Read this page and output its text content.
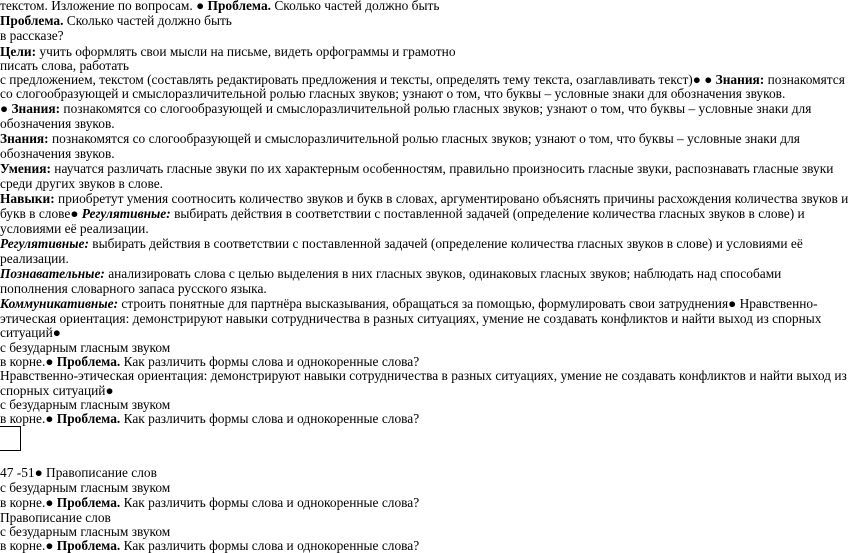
текстом. Изложение по вопросам. ● Проблема. Сколько частей должно быть

Проблема. Сколько частей должно быть

в рассказе?

Цели: учить оформлять свои мысли на письме, видеть орфограммы и грамотно

писать слова, работать

с предложением, текстом (составлять редактировать предложения и тексты, определять тему текста, озаглавливать текст)● ● Знания: познакомятся

со слогообразующей и смыслоразличительной ролью гласных звуков; узнают о том, что буквы – условные знаки для обозначения звуков.

● Знания: познакомятся со слогообразующей и смыслоразличительной ролью гласных звуков; узнают о том, что буквы – условные знаки для

обозначения звуков.

Знания: познакомятся со слогообразующей и смыслоразличительной ролью гласных звуков; узнают о том, что буквы – условные знаки для

обозначения звуков.

Умения: научатся различать гласные звуки по их характерным особенностям, правильно произносить гласные звуки, распознавать гласные звуки

среди других звуков в слове.

Навыки: приобретут умения соотносить количество звуков и букв в словах, аргументировано объяснять причины расхождения количества звуков и

букв в слове● Регулятивные: выбирать действия в соответствии с поставленной задачей (определение количества гласных звуков в слове) и

условиями её реализации.

Регулятивные: выбирать действия в соответствии с поставленной задачей (определение количества гласных звуков в слове) и условиями её

реализации.

Познавательные: анализировать слова с целью выделения в них гласных звуков, одинаковых гласных звуков; наблюдать над способами

пополнения словарного запаса русского языка.

Коммуникативные: строить понятные для партнёра высказывания, обращаться за помощью, формулировать свои затруднения● Нравственно-

этическая ориентация: демонстрируют навыки сотрудничества в разных ситуациях, умение не создавать конфликтов и найти выход из спорных

ситуаций●

с безударным гласным звуком

в корне.● Проблема. Как различить формы слова и однокоренные слова?

Нравственно-этическая ориентация: демонстрируют навыки сотрудничества в разных ситуациях, умение не создавать конфликтов и найти выход из

спорных ситуаций●

с безударным гласным звуком

в корне.● Проблема. Как различить формы слова и однокоренные слова?

47 -51● Правописание слов

с безударным гласным звуком

в корне.● Проблема. Как различить формы слова и однокоренные слова?

Правописание слов

с безударным гласным звуком

в корне.● Проблема. Как различить формы слова и однокоренные слова?
